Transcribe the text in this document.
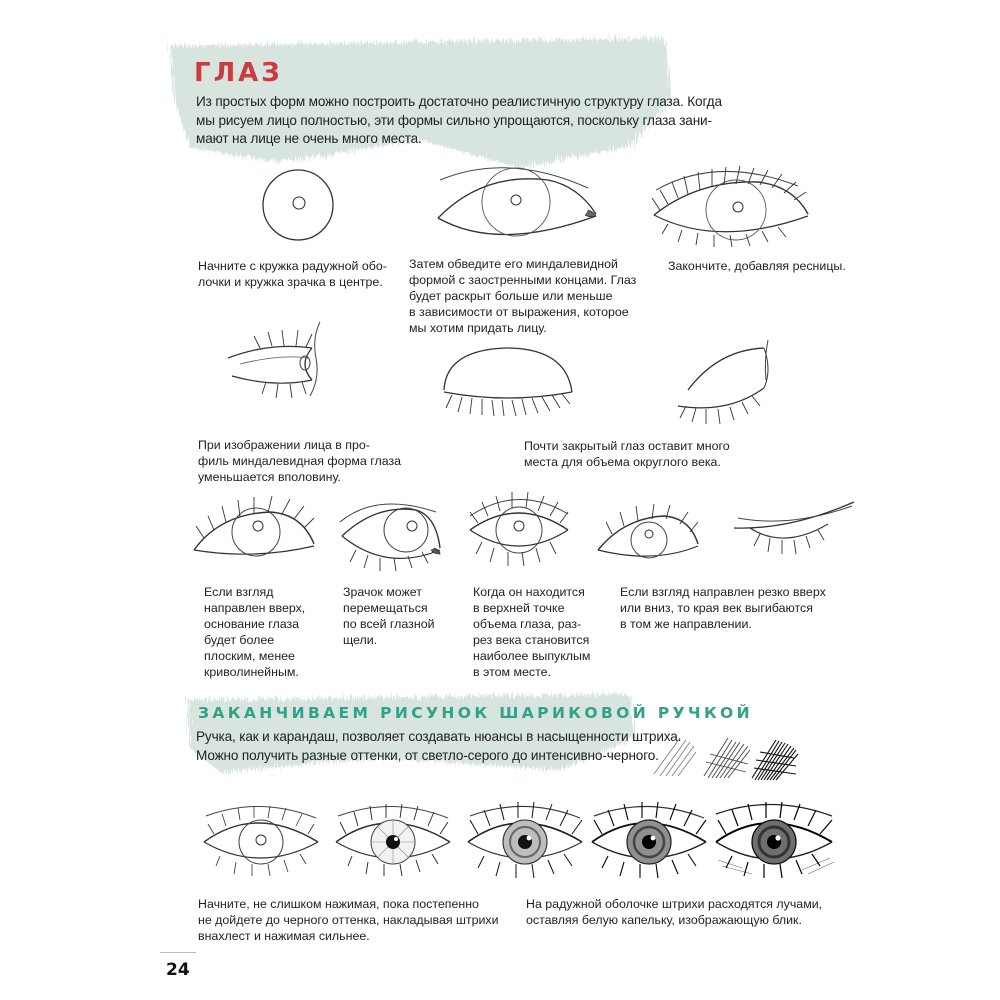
ГЛАЗ
Из простых форм можно построить достаточно реалистичную структуру глаза. Когда
мы рисуем лицо полностью, эти формы сильно упрощаются, поскольку глаза зани-
мают на лице не очень много места.
Начните с кружка радужной обо-
лочки и кружка зрачка в центре.
Затем обведите его миндалевидной
формой с заостренными концами. Глаз
будет раскрыт больше или меньше
в зависимости от выражения, которое
мы хотим придать лицу.
Закончите, добавляя ресницы.
При изображении лица в про-
филь миндалевидная форма глаза
уменьшается вполовину.
Почти закрытый глаз оставит много
места для объема округлого века.
Если взгляд
направлен вверх,
основание глаза
будет более
плоским, менее
криволинейным.
Зрачок может
перемещаться
по всей глазной
щели.
Когда он находится
в верхней точке
объема глаза, раз-
рез века становится
наиболее выпуклым
в этом месте.
Если взгляд направлен резко вверх
или вниз, то края век выгибаются
в том же направлении.
ЗАКАНЧИВАЕМ РИСУНОК ШАРИКОВОЙ РУЧКОЙ
Ручка, как и карандаш, позволяет создавать нюансы в насыщенности штриха.
Можно получить разные оттенки, от светло-серого до интенсивно-черного.
Начните, не слишком нажимая, пока постепенно
не дойдете до черного оттенка, накладывая штрихи
внахлест и нажимая сильнее.
На радужной оболочке штрихи расходятся лучами,
оставляя белую капельку, изображающую блик.
24
